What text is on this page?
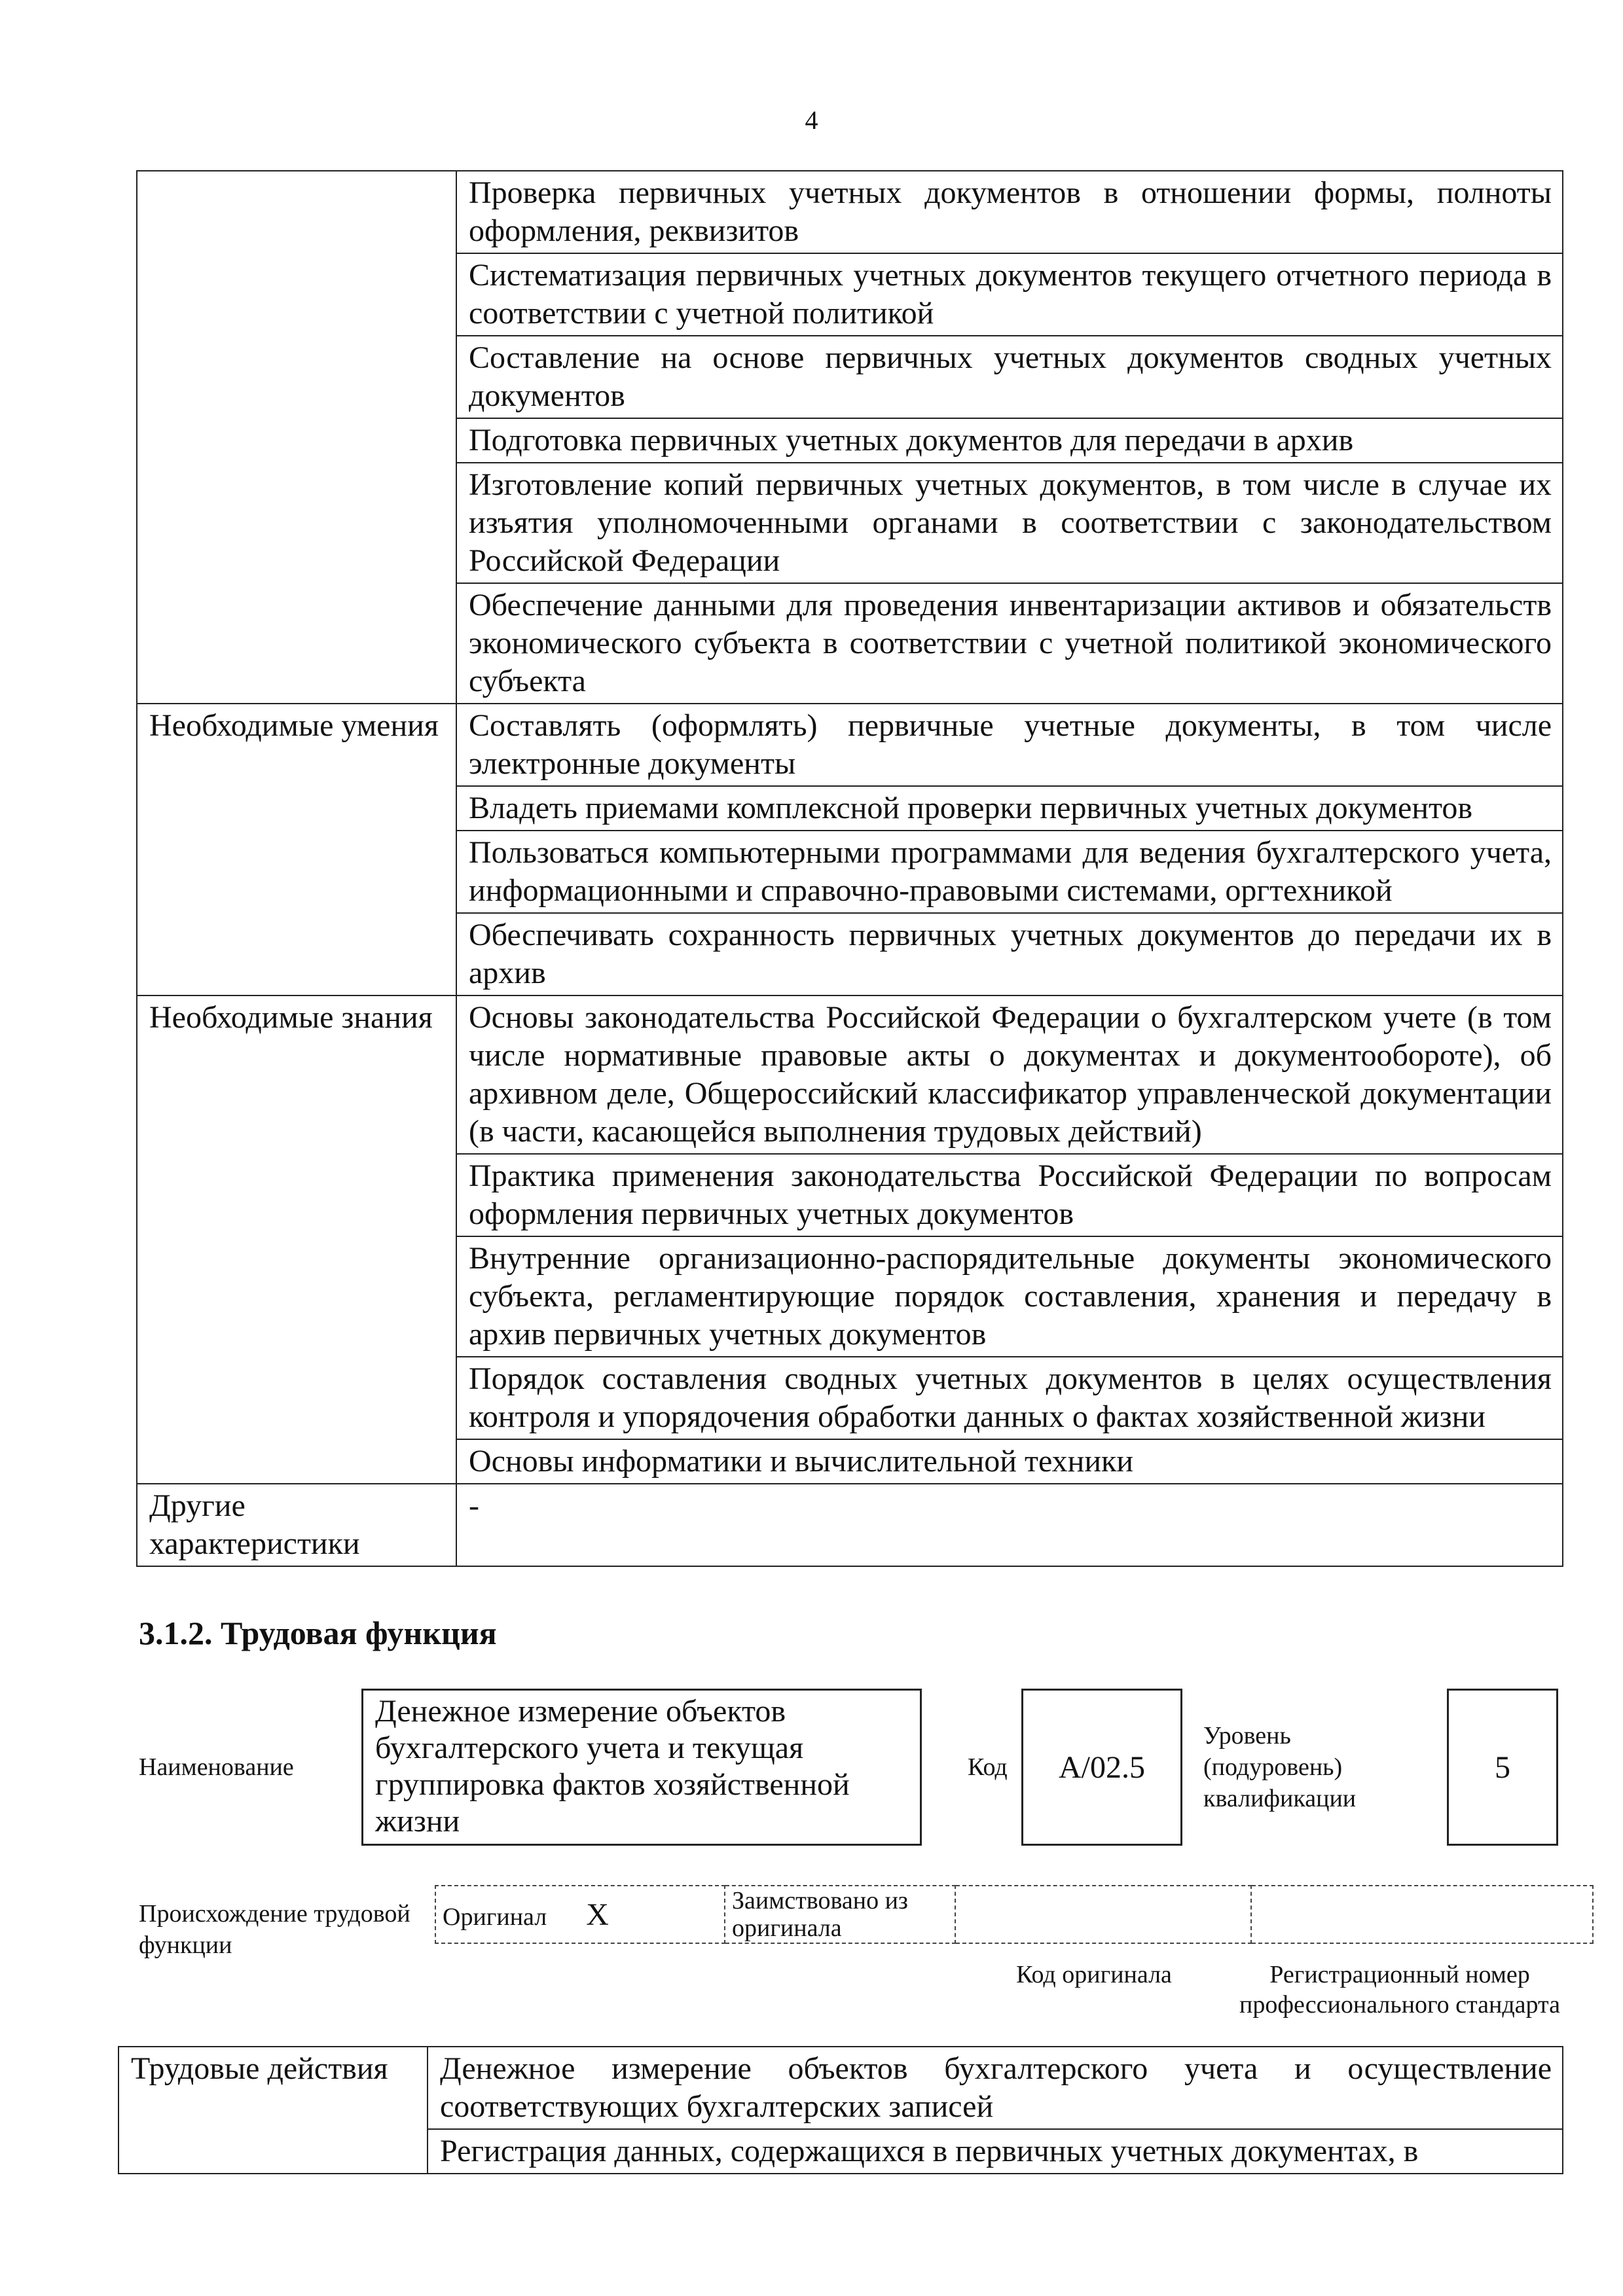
4
	Проверка первичных учетных документов в отношении формы, полноты оформления, реквизитов
	Систематизация первичных учетных документов текущего отчетного периода в соответствии с учетной политикой
	Составление на основе первичных учетных документов сводных учетных документов
	Подготовка первичных учетных документов для передачи в архив
	Изготовление копий первичных учетных документов, в том числе в случае их изъятия уполномоченными органами в соответствии с законодательством Российской Федерации
	Обеспечение данными для проведения инвентаризации активов и обязательств экономического субъекта в соответствии с учетной политикой экономического субъекта
Необходимые умения	Составлять (оформлять) первичные учетные документы, в том числе электронные документы
	Владеть приемами комплексной проверки первичных учетных документов
	Пользоваться компьютерными программами для ведения бухгалтерского учета, информационными и справочно-правовыми системами, оргтехникой
	Обеспечивать сохранность первичных учетных документов до передачи их в архив
Необходимые знания	Основы законодательства Российской Федерации о бухгалтерском учете (в том числе нормативные правовые акты о документах и документообороте), об архивном деле, Общероссийский классификатор управленческой документации (в части, касающейся выполнения трудовых действий)
	Практика применения законодательства Российской Федерации по вопросам оформления первичных учетных документов
	Внутренние организационно-распорядительные документы экономического субъекта, регламентирующие порядок составления, хранения и передачу в архив первичных учетных документов
	Порядок составления сводных учетных документов в целях осуществления контроля и упорядочения обработки данных о фактах хозяйственной жизни
	Основы информатики и вычислительной техники
Другие характеристики	-
3.1.2. Трудовая функция
Наименование
Денежное измерение объектов бухгалтерского учета и текущая группировка фактов хозяйственной жизни
Код	A/02.5
Уровень (подуровень) квалификации
5
Происхождение трудовой функции
Оригинал X	Заимствовано из оригинала		
Код оригинала	Регистрационный номер профессионального стандарта
Трудовые действия	Денежное измерение объектов бухгалтерского учета и осуществление соответствующих бухгалтерских записей
Регистрация данных, содержащихся в первичных учетных документах, в
